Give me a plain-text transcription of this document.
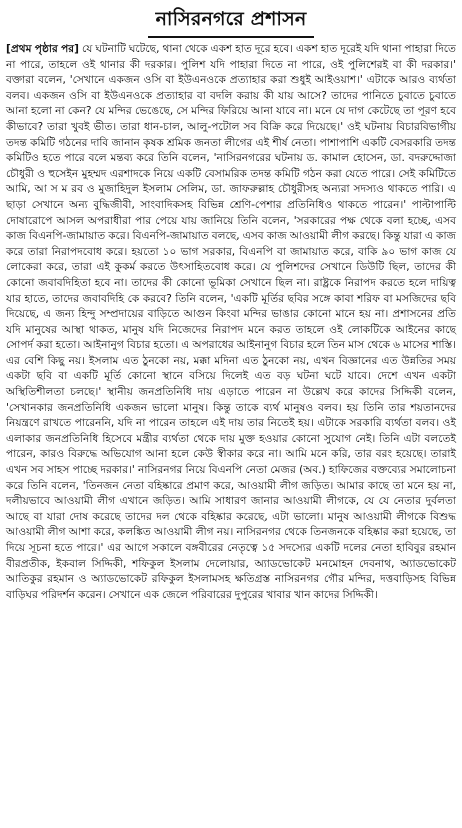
নাসিরনগরে প্রশাসন

[প্রথম পৃষ্ঠার পর] যে ঘটনাটি ঘটেছে, থানা থেকে একশ হাত দূরে হবে। একশ হাত দূরেই যদি থানা পাহারা দিতে না পারে, তাহলে ওই থানার কী দরকার। পুলিশ যদি পাহারা দিতে না পারে, ওই পুলিশেরই বা কী দরকার।' বক্তারা বলেন, 'সেখানে একজন ওসি বা ইউএনওকে প্রত্যাহার করা শুধুই আইওয়াশ।' এটাকে আরও ব্যর্থতা বলব। একজন ওসি বা ইউএনওকে প্রত্যাহার বা বদলি করায় কী যায় আসে? তাদের পানিতে চুবাতে চুবাতে আনা হলো না কেন? যে মন্দির ভেঙেছে, সে মন্দির ফিরিয়ে আনা যাবে না। মনে যে দাগ কেটেছে তা পূরণ হবে কীভাবে? তারা খুবই ভীত। তারা ধান-চাল, আলু-পটোল সব বিক্রি করে দিয়েছে।' ওই ঘটনায় বিচারবিভাগীয় তদন্ত কমিটি গঠনের দাবি জানান কৃষক শ্রমিক জনতা লীগের এই শীর্ষ নেতা। পাশাপাশি একটি বেসরকারি তদন্ত কমিটিও হতে পারে বলে মন্তব্য করে তিনি বলেন, 'নাসিরনগরের ঘটনায় ড. কামাল হোসেন, ডা. বদরুদ্দোজা চৌধুরী ও হুসেইন মুহম্মদ এরশাদকে নিয়ে একটি বেসামরিক তদন্ত কমিটি গঠন করা যেতে পারে। সেই কমিটিতে আমি, আ স ম রব ও মুজাহিদুল ইসলাম সেলিম, ডা. জাফরুল্লাহ চৌধুরীসহ অন্যরা সদস্যও থাকতে পারি। এ ছাড়া সেখানে অন্য বুদ্ধিজীবী, সাংবাদিকসহ বিভিন্ন শ্রেণি-পেশার প্রতিনিধিও থাকতে পারেন।' পাল্টাপাল্টি দোষারোপে আসল অপরাধীরা পার পেয়ে যায় জানিয়ে তিনি বলেন, 'সরকারের পক্ষ থেকে বলা হচ্ছে, এসব কাজ বিএনপি-জামায়াত করে। বিএনপি-জামায়াত বলছে, এসব কাজ আওয়ামী লীগ করছে। কিন্তু যারা এ কাজ করে তারা নিরাপদবোধ করে। হয়তো ১০ ভাগ সরকার, বিএনপি বা জামায়াত করে, বাকি ৯০ ভাগ কাজ যে লোকেরা করে, তারা এই কুকর্ম করতে উৎসাহিতবোধ করে। যে পুলিশদের সেখানে ডিউটি ছিল, তাদের কী কোনো জবাবদিহিতা হবে না। তাদের কী কোনো ভূমিকা সেখানে ছিল না। রাষ্ট্রকে নিরাপদ করতে হলে দায়িত্ব যার হাতে, তাদের জবাবদিহি কে করবে? তিনি বলেন, 'একটি মূর্তির ছবির সঙ্গে কাবা শরিফ বা মসজিদের ছবি দিয়েছে, এ জন্য হিন্দু সম্প্রদায়ের বাড়িতে আগুন কিংবা মন্দির ভাঙার কোনো মানে হয় না। প্রশাসনের প্রতি যদি মানুষের আস্থা থাকত, মানুষ যদি নিজেদের নিরাপদ মনে করত তাহলে ওই লোকটিকে আইনের কাছে সোপর্দ করা হতো। আইনানুগ বিচার হতো। এ অপরাধের আইনানুগ বিচার হলে তিন মাস থেকে ৬ মাসের শাস্তি। এর বেশি কিছু নয়। ইসলাম এত ঠুনকো নয়, মক্কা মদিনা এত ঠুনকো নয়, এখন বিজ্ঞানের এত উন্নতির সময় একটা ছবি বা একটি মূর্তি কোনো স্থানে বসিয়ে দিলেই এত বড় ঘটনা ঘটে যাবে। দেশে এখন একটা অস্থিতিশীলতা চলছে।' স্থানীয় জনপ্রতিনিধি দায় এড়াতে পারেন না উল্লেখ করে কাদের সিদ্দিকী বলেন, 'সেখানকার জনপ্রতিনিধি একজন ভালো মানুষ। কিন্তু তাকে ব্যর্থ মানুষও বলব। হয় তিনি তার শয়তানদের নিয়ন্ত্রণে রাখতে পারেননি, যদি না পারেন তাহলে এই দায় তার নিতেই হয়। এটাকে সরকারি ব্যর্থতা বলব। ওই এলাকার জনপ্রতিনিধি হিসেবে মন্ত্রীর ব্যর্থতা থেকে দায় মুক্ত হওয়ার কোনো সুযোগ নেই। তিনি এটা বলতেই পারেন, কারও বিরুদ্ধে অভিযোগ আনা হলে কেউ স্বীকার করে না। আমি মনে করি, তার বরং হয়েছে। তারাই এখন সব সাহস পাচ্ছে দরকার।' নাসিরনগর নিয়ে বিএনপি নেতা মেজর (অব.) হাফিজের বক্তব্যের সমালোচনা করে তিনি বলেন, 'তিনজন নেতা বহিষ্কারে প্রমাণ করে, আওয়ামী লীগ জড়িত। আমার কাছে তা মনে হয় না, দলীয়ভাবে আওয়ামী লীগ এখানে জড়িত। আমি সাধারণ জানার আওয়ামী লীগকে, যে যে নেতার দুর্বলতা আছে বা যারা দোষ করেছে তাদের দল থেকে বহিষ্কার করেছে, এটা ভালো। মানুষ আওয়ামী লীগকে বিশুদ্ধ আওয়ামী লীগ আশা করে, কলঙ্কিত আওয়ামী লীগ নয়। নাসিরনগর থেকে তিনজনকে বহিষ্কার করা হয়েছে, তা দিয়ে সূচনা হতে পারে।' এর আগে সকালে বঙ্গবীরের নেতৃত্বে ১৫ সদস্যের একটি দলের নেতা হাবিবুর রহমান বীরপ্রতীক, ইকবাল সিদ্দিকী, শফিকুল ইসলাম দেলোয়ার, অ্যাডভোকেট মনমোহন দেবনাথ, অ্যাডভোকেট আতিকুর রহমান ও অ্যাডভোকেট রফিকুল ইসলামসহ ক্ষতিগ্রস্ত নাসিরনগর গৌর মন্দির, দত্তবাড়িসহ বিভিন্ন বাড়িঘর পরিদর্শন করেন। সেখানে এক জেলে পরিবারের দুপুরের খাবার খান কাদের সিদ্দিকী।
